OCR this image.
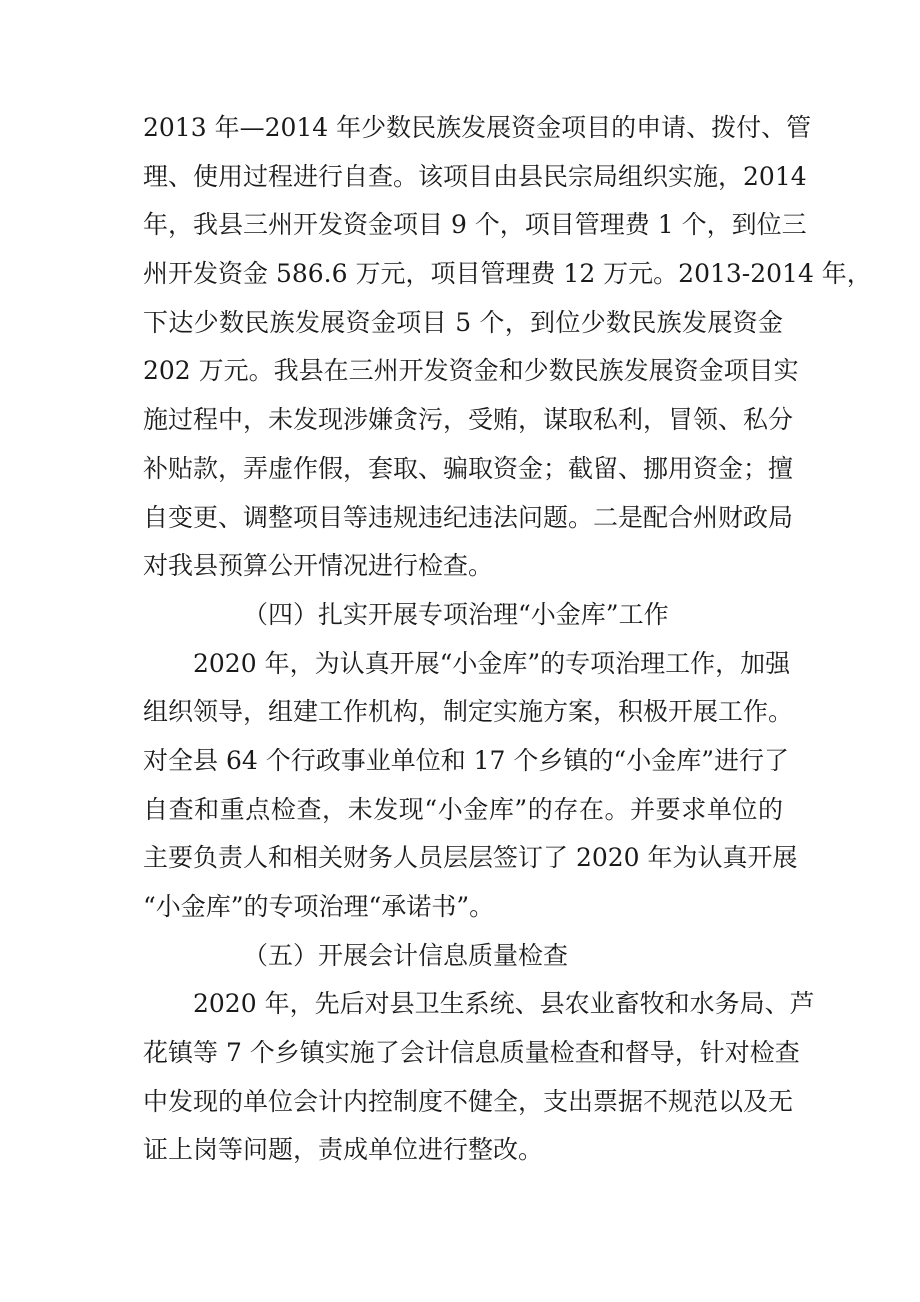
2013 年—2014 年少数民族发展资金项目的申请、拨付、管
理、使用过程进行自查。该项目由县民宗局组织实施，2014
年，我县三州开发资金项目 9 个，项目管理费 1 个，到位三
州开发资金 586.6 万元，项目管理费 12 万元。2013-2014 年，
下达少数民族发展资金项目 5 个，到位少数民族发展资金
202 万元。我县在三州开发资金和少数民族发展资金项目实
施过程中，未发现涉嫌贪污，受贿，谋取私利，冒领、私分
补贴款，弄虚作假，套取、骗取资金；截留、挪用资金；擅
自变更、调整项目等违规违纪违法问题。二是配合州财政局
对我县预算公开情况进行检查。
（四）扎实开展专项治理“小金库”工作
2020 年，为认真开展“小金库”的专项治理工作，加强
组织领导，组建工作机构，制定实施方案，积极开展工作。
对全县 64 个行政事业单位和 17 个乡镇的“小金库”进行了
自查和重点检查，未发现“小金库”的存在。并要求单位的
主要负责人和相关财务人员层层签订了 2020 年为认真开展
“小金库”的专项治理“承诺书”。
（五）开展会计信息质量检查
2020 年，先后对县卫生系统、县农业畜牧和水务局、芦
花镇等 7 个乡镇实施了会计信息质量检查和督导，针对检查
中发现的单位会计内控制度不健全，支出票据不规范以及无
证上岗等问题，责成单位进行整改。
